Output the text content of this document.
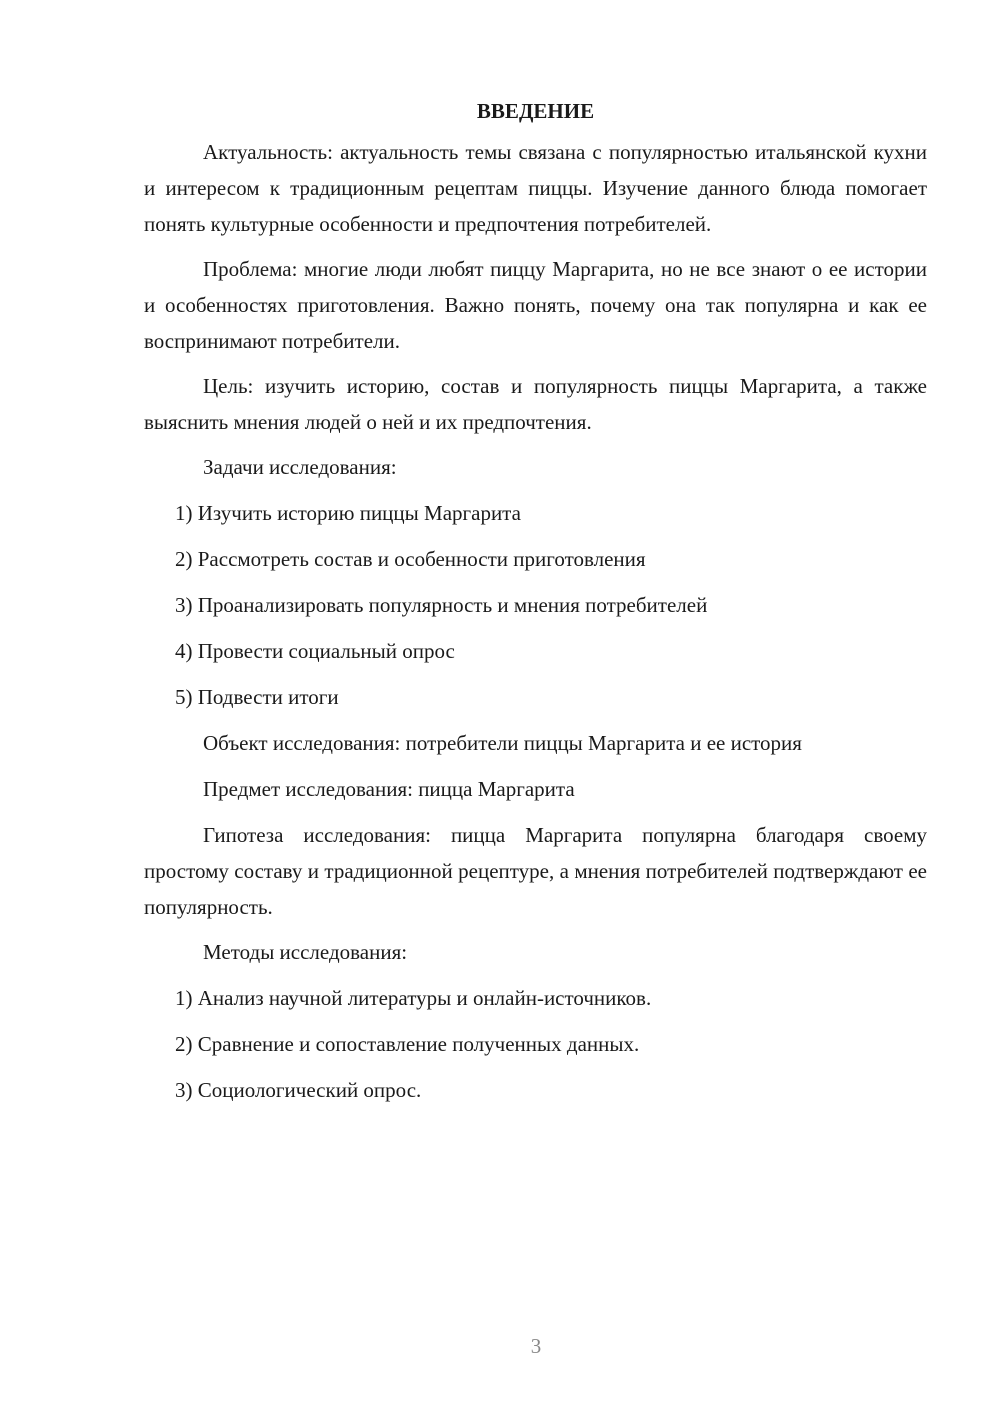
ВВЕДЕНИЕ

Актуальность: актуальность темы связана с популярностью итальянской кухни и интересом к традиционным рецептам пиццы. Изучение данного блюда помогает понять культурные особенности и предпочтения потребителей.

Проблема: многие люди любят пиццу Маргарита, но не все знают о ее истории и особенностях приготовления. Важно понять, почему она так популярна и как ее воспринимают потребители.

Цель: изучить историю, состав и популярность пиццы Маргарита, а также выяснить мнения людей о ней и их предпочтения.

Задачи исследования:
1) Изучить историю пиццы Маргарита
2) Рассмотреть состав и особенности приготовления
3) Проанализировать популярность и мнения потребителей
4) Провести социальный опрос
5) Подвести итоги
Объект исследования: потребители пиццы Маргарита и ее история
Предмет исследования: пицца Маргарита

Гипотеза исследования: пицца Маргарита популярна благодаря своему простому составу и традиционной рецептуре, а мнения потребителей подтверждают ее популярность.

Методы исследования:
1) Анализ научной литературы и онлайн-источников.
2) Сравнение и сопоставление полученных данных.
3) Социологический опрос.
3
